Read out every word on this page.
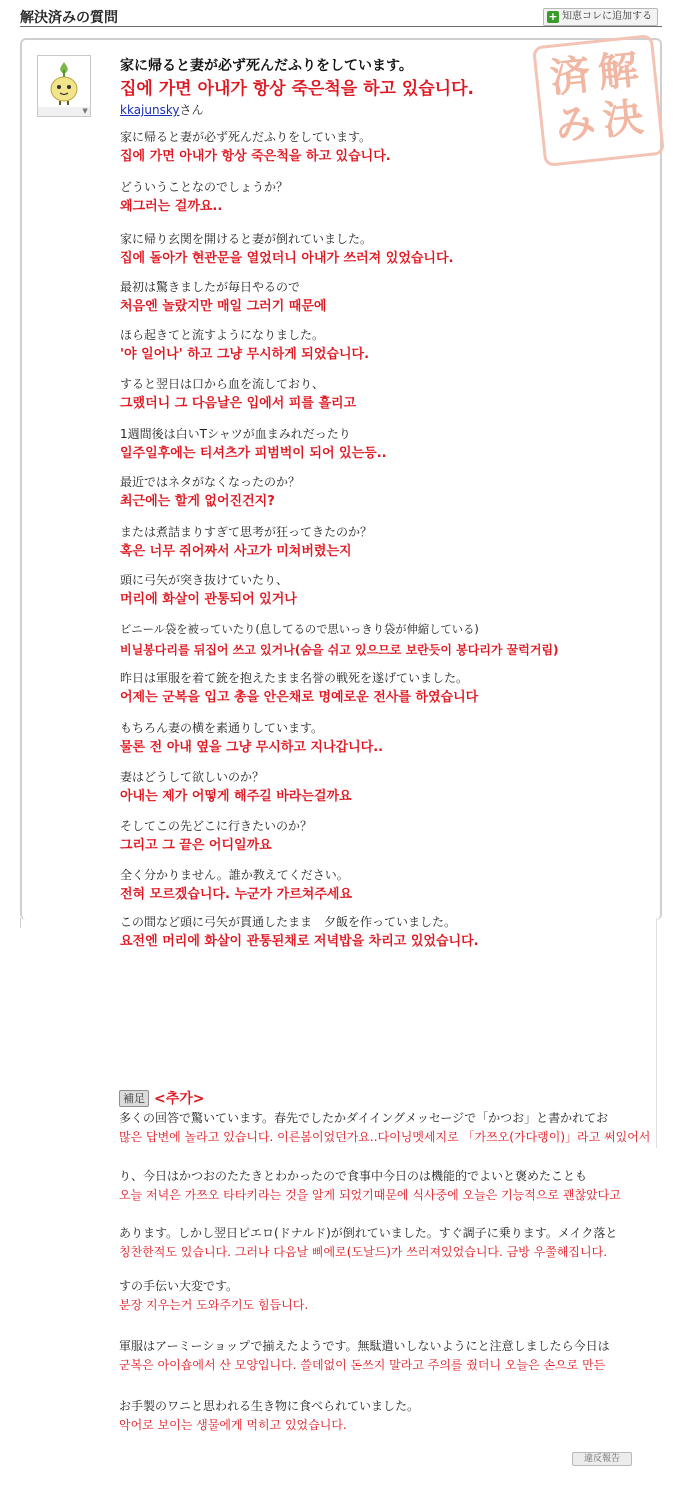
解決済みの質問	+ 知恵コレに追加する
▼
解
決
済
み
家に帰ると妻が必ず死んだふりをしています。
집에 가면 아내가 항상 죽은척을 하고 있습니다.
kkajunskyさん
家に帰ると妻が必ず死んだふりをしています。
집에 가면 아내가 항상 죽은척을 하고 있습니다.
どういうことなのでしょうか？
왜그러는 걸까요..
家に帰り玄関を開けると妻が倒れていました。
집에 돌아가 현관문을 열었더니 아내가 쓰러져 있었습니다.
最初は驚きましたが毎日やるので
처음엔 놀랐지만 매일 그러기 때문에
ほら起きてと流すようになりました。
'야 일어나' 하고 그냥 무시하게 되었습니다.
すると翌日は口から血を流しており、
그랬더니 그 다음날은 입에서 피를 흘리고
1週間後は白いTシャツが血まみれだったり
일주일후에는 티셔츠가 피범벅이 되어 있는등..
最近ではネタがなくなったのか？
최근에는 할게 없어진건지?
または煮詰まりすぎて思考が狂ってきたのか？
혹은 너무 쥐어짜서 사고가 미쳐버렸는지
頭に弓矢が突き抜けていたり、
머리에 화살이 관통되어 있거나
ビニール袋を被っていたり(息してるので思いっきり袋が伸縮している)
비닐봉다리를 뒤집어 쓰고 있거나(숨을 쉬고 있으므로 보란듯이 봉다리가 꿀럭거림)
昨日は軍服を着て銃を抱えたまま名誉の戦死を遂げていました。
어제는 군복을 입고 총을 안은채로 명예로운 전사를 하였습니다
もちろん妻の横を素通りしています。
물론 전 아내 옆을 그냥 무시하고 지나갑니다..
妻はどうして欲しいのか？
아내는 제가 어떻게 해주길 바라는걸까요
そしてこの先どこに行きたいのか？
그리고 그 끝은 어디일까요
全く分かりません。誰か教えてください。
전혀 모르겠습니다. 누군가 가르쳐주세요
この間など頭に弓矢が貫通したまま　夕飯を作っていました。
요전엔 머리에 화살이 관통된채로 저녁밥을 차리고 있었습니다.
補足 <추가>
多くの回答で驚いています。春先でしたかダイイングメッセージで「かつお」と書かれてお
많은 답변에 놀라고 있습니다. 이른봄이었던가요..다이닝멧세지로 「가쯔오(가다랭이)」라고 써있어서
り、今日はかつおのたたきとわかったので食事中今日のは機能的でよいと褒めたことも
오늘 저녁은 가쯔오 타타키라는 것을 알게 되었기때문에 식사중에 오늘은 기능적으로 괜찮았다고
あります。しかし翌日ピエロ(ドナルド)が倒れていました。すぐ調子に乗ります。メイク落と
칭찬한적도 있습니다. 그러나 다음날 삐에로(도날드)가 쓰러져있었습니다. 금방 우쭐해집니다.
すの手伝い大変です。
분장 지우는거 도와주기도 힘듭니다.
軍服はアーミーショップで揃えたようです。無駄遣いしないようにと注意しましたら今日は
군복은 아이숍에서 산 모양입니다. 쓸데없이 돈쓰지 말라고 주의를 줬더니 오늘은 손으로 만든
お手製のワニと思われる生き物に食べられていました。
악어로 보이는 생물에게 먹히고 있었습니다.
違反報告
